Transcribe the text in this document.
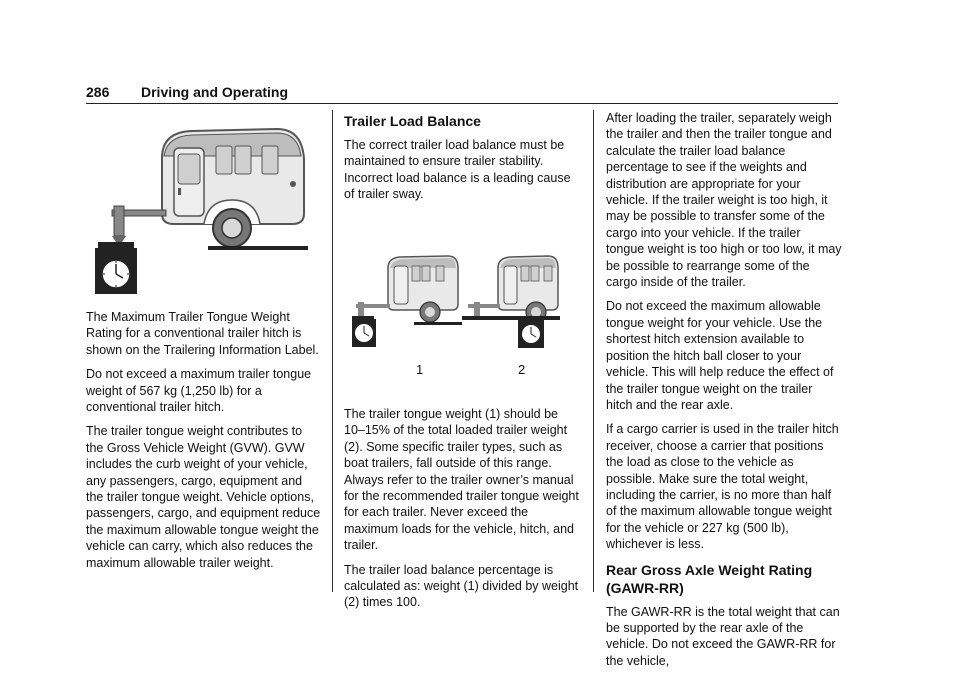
286 Driving and Operating

The Maximum Trailer Tongue Weight Rating for a conventional trailer hitch is shown on the Trailering Information Label.

Do not exceed a maximum trailer tongue weight of 567 kg (1,250 lb) for a conventional trailer hitch.

The trailer tongue weight contributes to the Gross Vehicle Weight (GVW). GVW includes the curb weight of your vehicle, any passengers, cargo, equipment and the trailer tongue weight. Vehicle options, passengers, cargo, and equipment reduce the maximum allowable tongue weight the vehicle can carry, which also reduces the maximum allowable trailer weight.

Trailer Load Balance

The correct trailer load balance must be maintained to ensure trailer stability. Incorrect load balance is a leading cause of trailer sway.

1	2

The trailer tongue weight (1) should be 10–15% of the total loaded trailer weight (2). Some specific trailer types, such as boat trailers, fall outside of this range. Always refer to the trailer owner’s manual for the recommended trailer tongue weight for each trailer. Never exceed the maximum loads for the vehicle, hitch, and trailer.

The trailer load balance percentage is calculated as: weight (1) divided by weight (2) times 100.

After loading the trailer, separately weigh the trailer and then the trailer tongue and calculate the trailer load balance percentage to see if the weights and distribution are appropriate for your vehicle. If the trailer weight is too high, it may be possible to transfer some of the cargo into your vehicle. If the trailer tongue weight is too high or too low, it may be possible to rearrange some of the cargo inside of the trailer.

Do not exceed the maximum allowable tongue weight for your vehicle. Use the shortest hitch extension available to position the hitch ball closer to your vehicle. This will help reduce the effect of the trailer tongue weight on the trailer hitch and the rear axle.

If a cargo carrier is used in the trailer hitch receiver, choose a carrier that positions the load as close to the vehicle as possible. Make sure the total weight, including the carrier, is no more than half of the maximum allowable tongue weight for the vehicle or 227 kg (500 lb), whichever is less.

Rear Gross Axle Weight Rating (GAWR-RR)

The GAWR-RR is the total weight that can be supported by the rear axle of the vehicle. Do not exceed the GAWR-RR for the vehicle,
